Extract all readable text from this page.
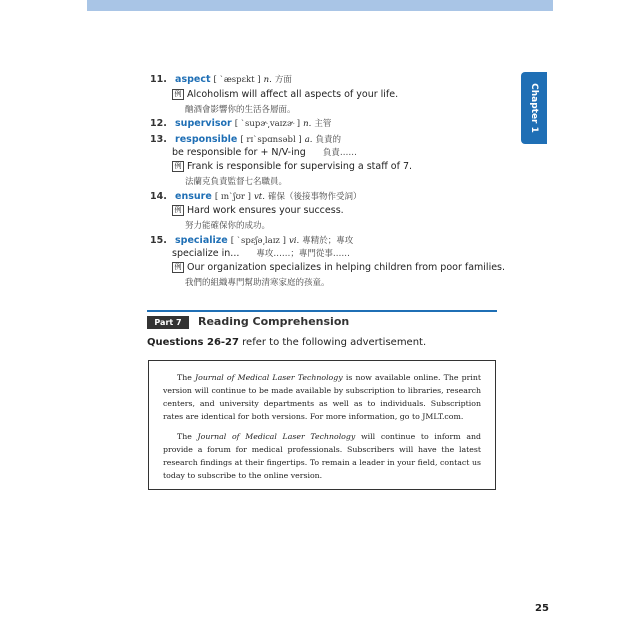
Chapter 1
11. aspect [ ˋæspɛkt ] n. 方面
例 Alcoholism will affect all aspects of your life.
酗酒會影響你的生活各層面。
12. supervisor [ ˋsupɚ͵vaɪzɚ ] n. 主管
13. responsible [ rɪˋspɑnsəbl ] a. 負責的
be responsible for + N/V-ing 負責……
例 Frank is responsible for supervising a staff of 7.
法蘭克負責監督七名職員。
14. ensure [ ɪnˋʃʊr ] vt. 確保（後接事物作受詞）
例 Hard work ensures your success.
努力能確保你的成功。
15. specialize [ ˋspɛʃə͵laɪz ] vi. 專精於；專攻
specialize in... 專攻……；專門從事……
例 Our organization specializes in helping children from poor families.
我們的組織專門幫助清寒家庭的孩童。
Part 7	Reading Comprehension
Questions 26-27 refer to the following advertisement.

The Journal of Medical Laser Technology is now available online. The print version will continue to be made available by subscription to libraries, research centers, and university departments as well as to individuals. Subscription rates are identical for both versions. For more information, go to JMLT.com.

The Journal of Medical Laser Technology will continue to inform and provide a forum for medical professionals. Subscribers will have the latest research findings at their fingertips. To remain a leader in your field, contact us today to subscribe to the online version.

25
